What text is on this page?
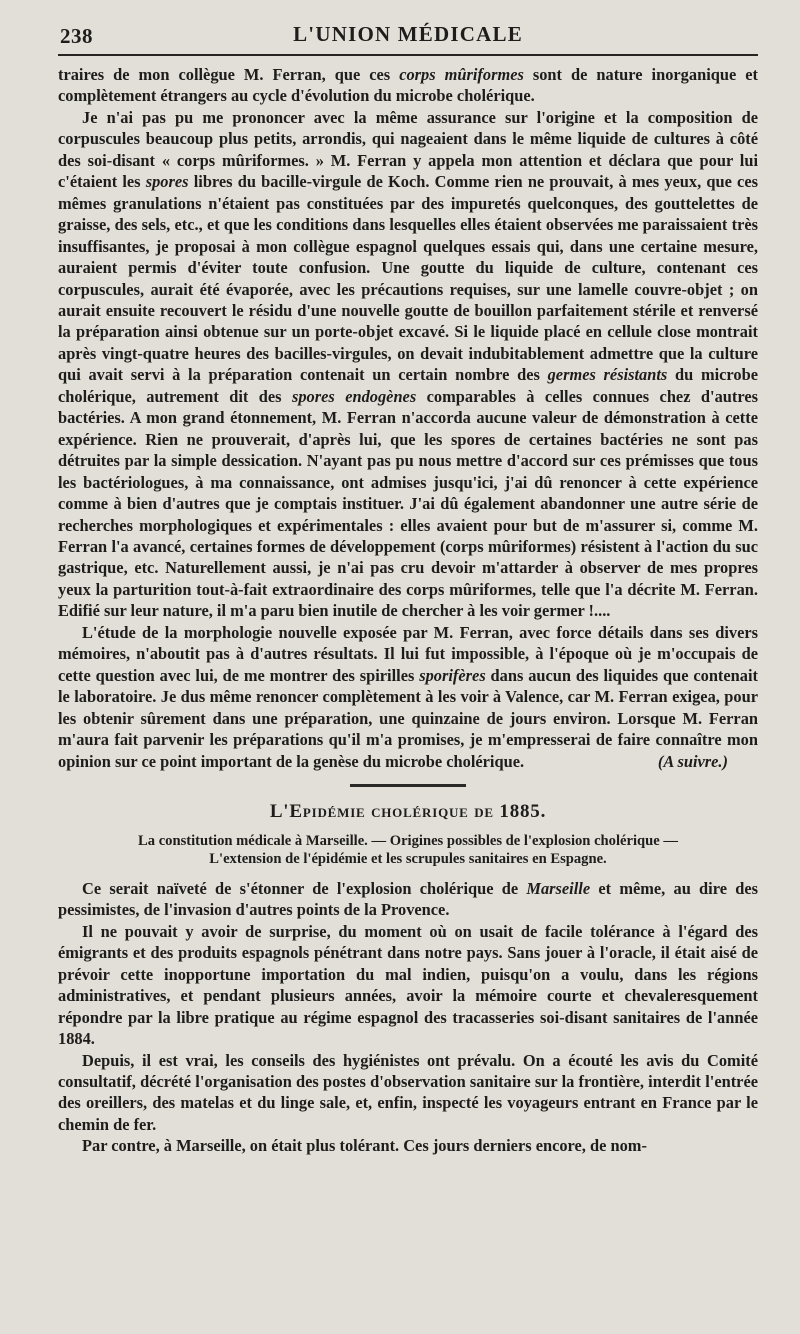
238	L'UNION MÉDICALE

traires de mon collègue M. Ferran, que ces corps mûriformes sont de nature inorganique et complètement étrangers au cycle d'évolution du microbe cholérique.

Je n'ai pas pu me prononcer avec la même assurance sur l'origine et la composition de corpuscules beaucoup plus petits, arrondis, qui nageaient dans le même liquide de cultures à côté des soi-disant « corps mûriformes. » M. Ferran y appela mon attention et déclara que pour lui c'étaient les spores libres du bacille-virgule de Koch. Comme rien ne prouvait, à mes yeux, que ces mêmes granulations n'étaient pas constituées par des impuretés quelconques, des gouttelettes de graisse, des sels, etc., et que les conditions dans lesquelles elles étaient observées me paraissaient très insuffisantes, je proposai à mon collègue espagnol quelques essais qui, dans une certaine mesure, auraient permis d'éviter toute confusion. Une goutte du liquide de culture, contenant ces corpuscules, aurait été évaporée, avec les précautions requises, sur une lamelle couvre-objet ; on aurait ensuite recouvert le résidu d'une nouvelle goutte de bouillon parfaitement stérile et renversé la préparation ainsi obtenue sur un porte-objet excavé. Si le liquide placé en cellule close montrait après vingt-quatre heures des bacilles-virgules, on devait indubitablement admettre que la culture qui avait servi à la préparation contenait un certain nombre des germes résistants du microbe cholérique, autrement dit des spores endogènes comparables à celles connues chez d'autres bactéries. A mon grand étonnement, M. Ferran n'accorda aucune valeur de démonstration à cette expérience. Rien ne prouverait, d'après lui, que les spores de certaines bactéries ne sont pas détruites par la simple dessication. N'ayant pas pu nous mettre d'accord sur ces prémisses que tous les bactériologues, à ma connaissance, ont admises jusqu'ici, j'ai dû renoncer à cette expérience comme à bien d'autres que je comptais instituer. J'ai dû également abandonner une autre série de recherches morphologiques et expérimentales : elles avaient pour but de m'assurer si, comme M. Ferran l'a avancé, certaines formes de développement (corps mûriformes) résistent à l'action du suc gastrique, etc. Naturellement aussi, je n'ai pas cru devoir m'attarder à observer de mes propres yeux la parturition tout-à-fait extraordinaire des corps mûriformes, telle que l'a décrite M. Ferran. Edifié sur leur nature, il m'a paru bien inutile de chercher à les voir germer !....

L'étude de la morphologie nouvelle exposée par M. Ferran, avec force détails dans ses divers mémoires, n'aboutit pas à d'autres résultats. Il lui fut impossible, à l'époque où je m'occupais de cette question avec lui, de me montrer des spirilles sporifères dans aucun des liquides que contenait le laboratoire. Je dus même renoncer complètement à les voir à Valence, car M. Ferran exigea, pour les obtenir sûrement dans une préparation, une quinzaine de jours environ. Lorsque M. Ferran m'aura fait parvenir les préparations qu'il m'a promises, je m'empresserai de faire connaître mon opinion sur ce point important de la genèse du microbe cholérique.	(A suivre.)

L'Epidémie cholérique de 1885.
La constitution médicale à Marseille. — Origines possibles de l'explosion cholérique —
L'extension de l'épidémie et les scrupules sanitaires en Espagne.

Ce serait naïveté de s'étonner de l'explosion cholérique de Marseille et même, au dire des pessimistes, de l'invasion d'autres points de la Provence.

Il ne pouvait y avoir de surprise, du moment où on usait de facile tolérance à l'égard des émigrants et des produits espagnols pénétrant dans notre pays. Sans jouer à l'oracle, il était aisé de prévoir cette inopportune importation du mal indien, puisqu'on a voulu, dans les régions administratives, et pendant plusieurs années, avoir la mémoire courte et chevaleresquement répondre par la libre pratique au régime espagnol des tracasseries soi-disant sanitaires de l'année 1884.

Depuis, il est vrai, les conseils des hygiénistes ont prévalu. On a écouté les avis du Comité consultatif, décrété l'organisation des postes d'observation sanitaire sur la frontière, interdit l'entrée des oreillers, des matelas et du linge sale, et, enfin, inspecté les voyageurs entrant en France par le chemin de fer.

Par contre, à Marseille, on était plus tolérant. Ces jours derniers encore, de nom-
